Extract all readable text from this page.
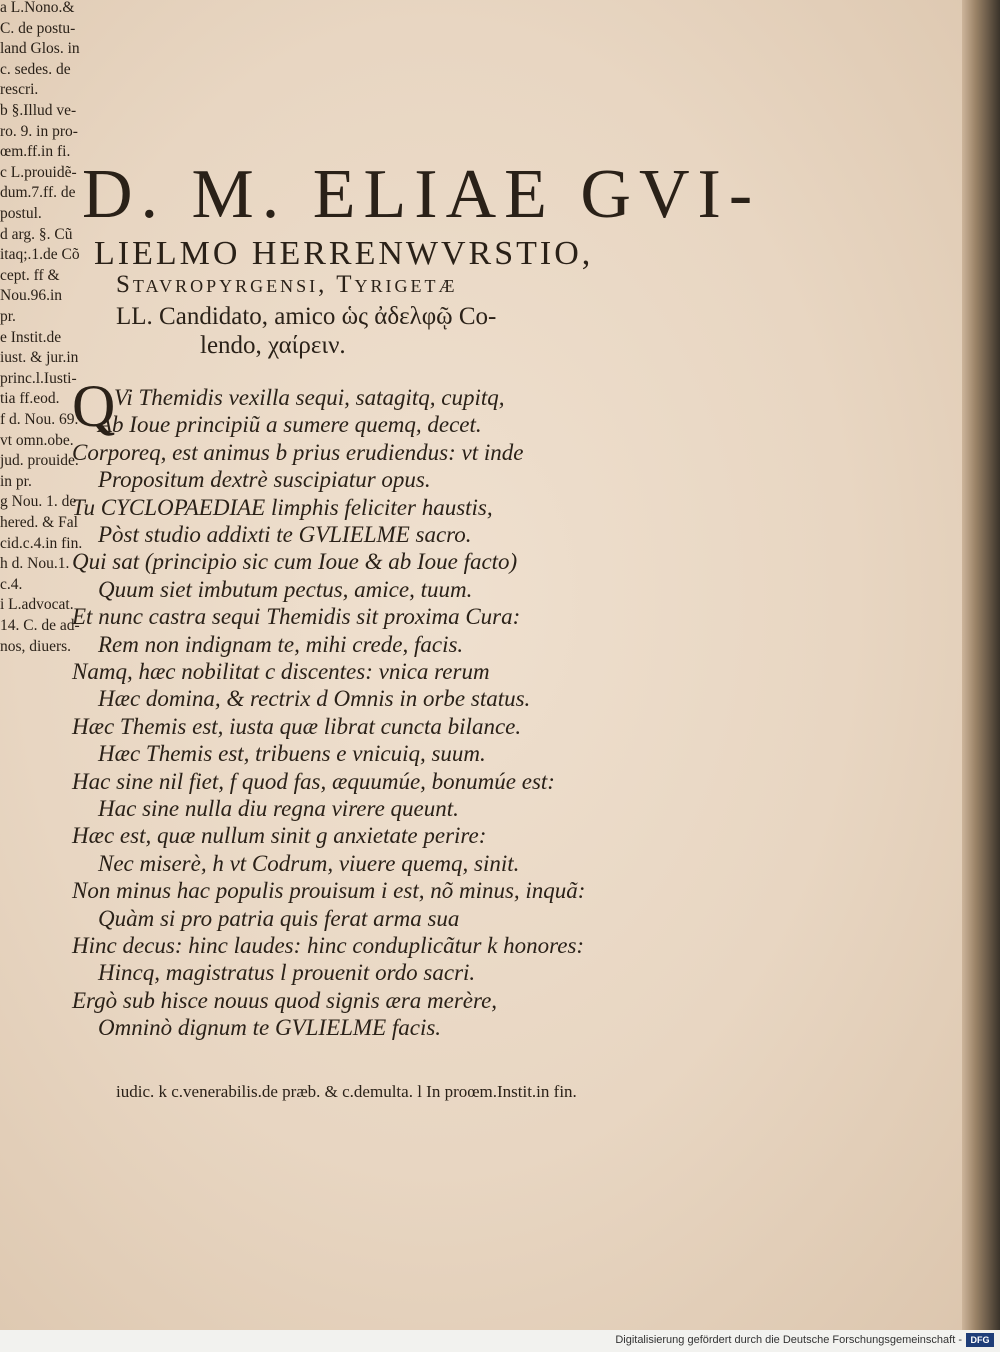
D. M. ELIAE GVI-
LIELMO HERRENWVRSTIO,
Stavropyrgensi, Tyrigetæ
LL. Candidato, amico ὡς ἀδελφῷ Co-
lendo, χαίρειν.
Q
Vi Themidis vexilla sequi, satagitq, cupitq,
Ab Ioue principiũ a sumere quemq, decet.
Corporeq, est animus b prius erudiendus: vt inde
Propositum dextrè suscipiatur opus.
Tu CYCLOPAEDIAE limphis feliciter haustis,
Pòst studio addixti te GVLIELME sacro.
Qui sat (principio sic cum Ioue & ab Ioue facto)
Quum siet imbutum pectus, amice, tuum.
Et nunc castra sequi Themidis sit proxima Cura:
Rem non indignam te, mihi crede, facis.
Namq, hæc nobilitat c discentes: vnica rerum
Hæc domina, & rectrix d Omnis in orbe status.
Hæc Themis est, iusta quæ librat cuncta bilance.
Hæc Themis est, tribuens e vnicuiq, suum.
Hac sine nil fiet, f quod fas, æquumúe, bonumúe est:
Hac sine nulla diu regna virere queunt.
Hæc est, quæ nullum sinit g anxietate perire:
Nec miserè, h vt Codrum, viuere quemq, sinit.
Non minus hac populis prouisum i est, nõ minus, inquã:
Quàm si pro patria quis ferat arma sua
Hinc decus: hinc laudes: hinc conduplicãtur k honores:
Hincq, magistratus l prouenit ordo sacri.
Ergò sub hisce nouus quod signis æra merère,
Omninò dignum te GVLIELME facis.
a L.Nono.&
C. de postu-
land Glos. in
c. sedes. de
rescri.
b §.Illud ve-
ro. 9. in pro-
œm.ff.in fi.
c L.prouidẽ-
dum.7.ff. de
postul.
d arg. §. Cũ
itaq;.1.de Cõ
cept. ff &
Nou.96.in
pr.
e Instit.de
iust. & jur.in
princ.l.Iusti-
tia ff.eod.
f d. Nou. 69.
vt omn.obe.
jud. prouide.
in pr.
g Nou. 1. de
hered. & Fal
cid.c.4.in fin.
h d. Nou.1.
c.4.
i L.advocat.
14. C. de ad-
nos, diuers.
iudic. k c.venerabilis.de præb. & c.demulta. l In proœm.Instit.in fin.
Digitalisierung gefördert durch die Deutsche Forschungsgemeinschaft - DFG
